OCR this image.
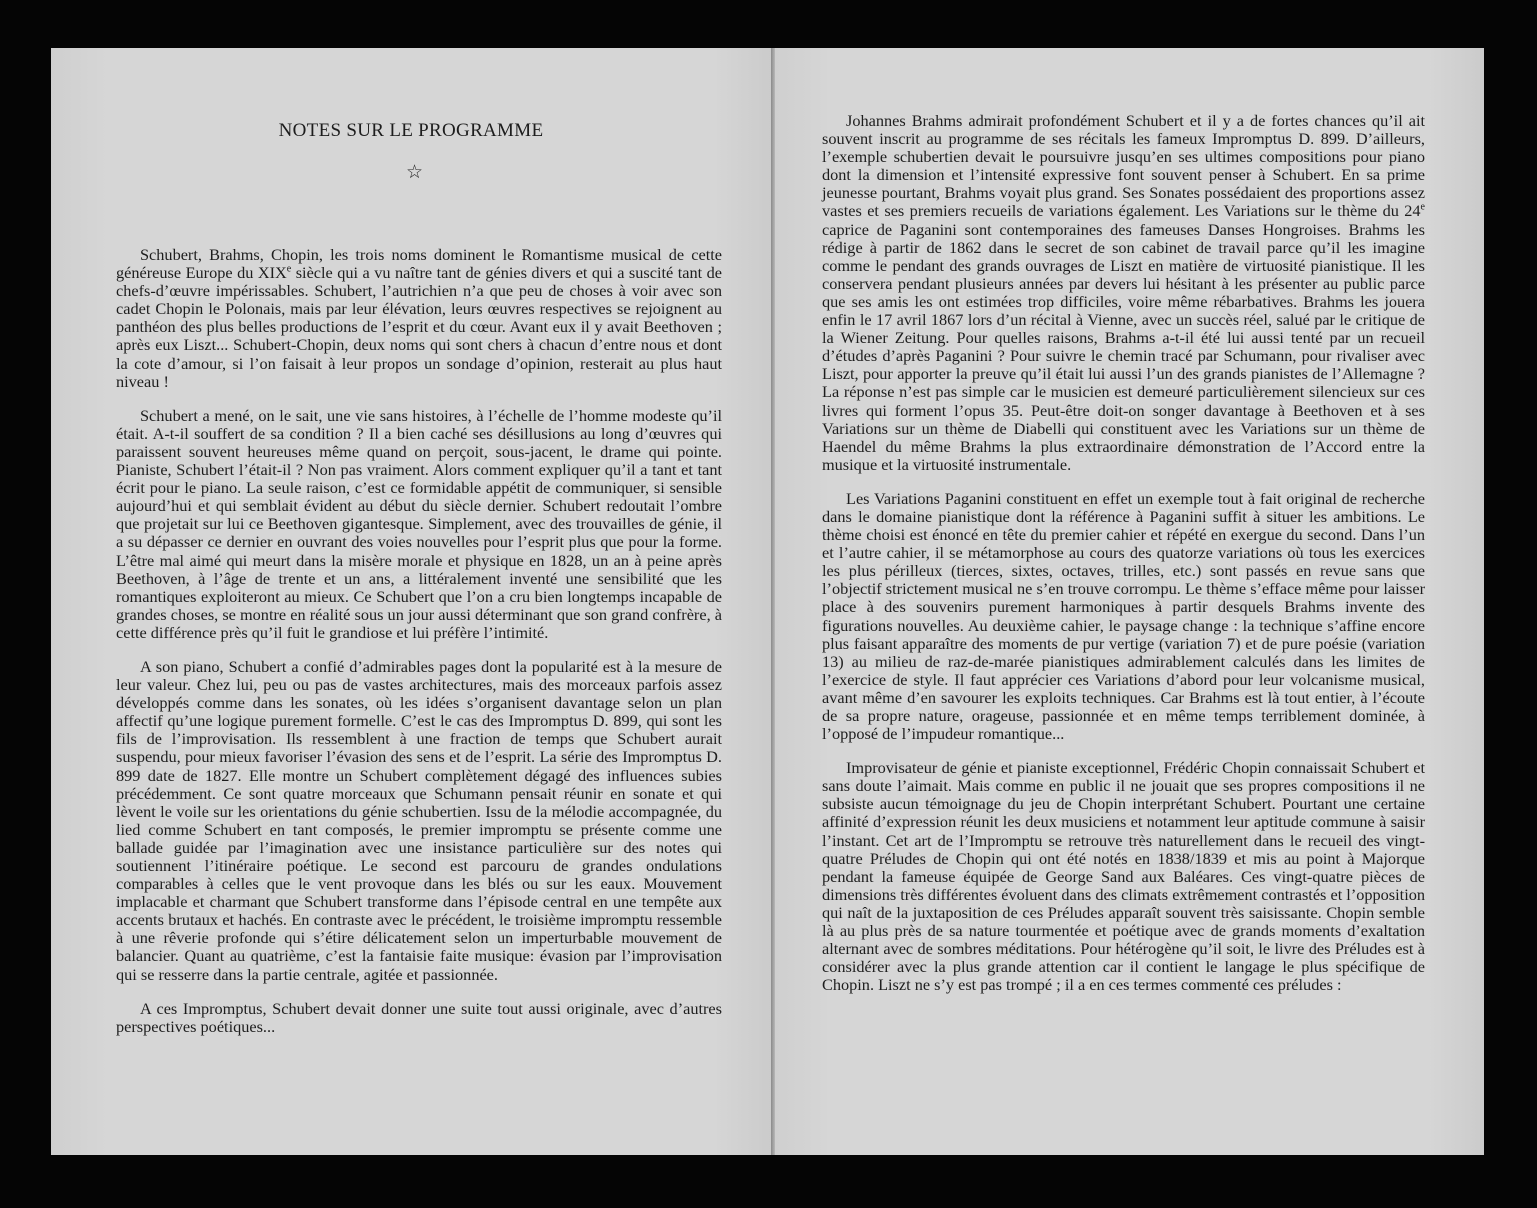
NOTES SUR LE PROGRAMME
☆

Schubert, Brahms, Chopin, les trois noms dominent le Romantisme musical de cette généreuse Europe du XIXe siècle qui a vu naître tant de génies divers et qui a suscité tant de chefs-d’œuvre impérissables. Schubert, l’autrichien n’a que peu de choses à voir avec son cadet Chopin le Polonais, mais par leur élévation, leurs œuvres respectives se rejoignent au panthéon des plus belles productions de l’esprit et du cœur. Avant eux il y avait Beethoven ; après eux Liszt... Schubert-Chopin, deux noms qui sont chers à chacun d’entre nous et dont la cote d’amour, si l’on faisait à leur propos un sondage d’opinion, resterait au plus haut niveau !

Schubert a mené, on le sait, une vie sans histoires, à l’échelle de l’homme modeste qu’il était. A-t-il souffert de sa condition ? Il a bien caché ses désillusions au long d’œuvres qui paraissent souvent heureuses même quand on perçoit, sous-jacent, le drame qui pointe. Pianiste, Schubert l’était-il ? Non pas vraiment. Alors comment expliquer qu’il a tant et tant écrit pour le piano. La seule raison, c’est ce formidable appétit de communiquer, si sensible aujourd’hui et qui semblait évident au début du siècle dernier. Schubert redoutait l’ombre que projetait sur lui ce Beethoven gigantesque. Simplement, avec des trouvailles de génie, il a su dépasser ce dernier en ouvrant des voies nouvelles pour l’esprit plus que pour la forme. L’être mal aimé qui meurt dans la misère morale et physique en 1828, un an à peine après Beethoven, à l’âge de trente et un ans, a littéralement inventé une sensibilité que les romantiques exploiteront au mieux. Ce Schubert que l’on a cru bien longtemps incapable de grandes choses, se montre en réalité sous un jour aussi déterminant que son grand confrère, à cette différence près qu’il fuit le grandiose et lui préfère l’intimité.

A son piano, Schubert a confié d’admirables pages dont la popularité est à la mesure de leur valeur. Chez lui, peu ou pas de vastes architectures, mais des morceaux parfois assez développés comme dans les sonates, où les idées s’organisent davantage selon un plan affectif qu’une logique purement formelle. C’est le cas des Impromptus D. 899, qui sont les fils de l’improvisation. Ils ressemblent à une fraction de temps que Schubert aurait suspendu, pour mieux favoriser l’évasion des sens et de l’esprit. La série des Impromptus D. 899 date de 1827. Elle montre un Schubert complètement dégagé des influences subies précédemment. Ce sont quatre morceaux que Schumann pensait réunir en sonate et qui lèvent le voile sur les orientations du génie schubertien. Issu de la mélodie accompagnée, du lied comme Schubert en tant composés, le premier impromptu se présente comme une ballade guidée par l’imagination avec une insistance particulière sur des notes qui soutiennent l’itinéraire poétique. Le second est parcouru de grandes ondulations comparables à celles que le vent provoque dans les blés ou sur les eaux. Mouvement implacable et charmant que Schubert transforme dans l’épisode central en une tempête aux accents brutaux et hachés. En contraste avec le précédent, le troisième impromptu ressemble à une rêverie profonde qui s’étire délicatement selon un imperturbable mouvement de balancier. Quant au quatrième, c’est la fantaisie faite musique: évasion par l’improvisation qui se resserre dans la partie centrale, agitée et passionnée.

A ces Impromptus, Schubert devait donner une suite tout aussi originale, avec d’autres perspectives poétiques...

Johannes Brahms admirait profondément Schubert et il y a de fortes chances qu’il ait souvent inscrit au programme de ses récitals les fameux Impromptus D. 899. D’ailleurs, l’exemple schubertien devait le poursuivre jusqu’en ses ultimes compositions pour piano dont la dimension et l’intensité expressive font souvent penser à Schubert. En sa prime jeunesse pourtant, Brahms voyait plus grand. Ses Sonates possédaient des proportions assez vastes et ses premiers recueils de variations également. Les Variations sur le thème du 24e caprice de Paganini sont contemporaines des fameuses Danses Hongroises. Brahms les rédige à partir de 1862 dans le secret de son cabinet de travail parce qu’il les imagine comme le pendant des grands ouvrages de Liszt en matière de virtuosité pianistique. Il les conservera pendant plusieurs années par devers lui hésitant à les présenter au public parce que ses amis les ont estimées trop difficiles, voire même rébarbatives. Brahms les jouera enfin le 17 avril 1867 lors d’un récital à Vienne, avec un succès réel, salué par le critique de la Wiener Zeitung. Pour quelles raisons, Brahms a-t-il été lui aussi tenté par un recueil d’études d’après Paganini ? Pour suivre le chemin tracé par Schumann, pour rivaliser avec Liszt, pour apporter la preuve qu’il était lui aussi l’un des grands pianistes de l’Allemagne ? La réponse n’est pas simple car le musicien est demeuré particulièrement silencieux sur ces livres qui forment l’opus 35. Peut-être doit-on songer davantage à Beethoven et à ses Variations sur un thème de Diabelli qui constituent avec les Variations sur un thème de Haendel du même Brahms la plus extraordinaire démonstration de l’Accord entre la musique et la virtuosité instrumentale.

Les Variations Paganini constituent en effet un exemple tout à fait original de recherche dans le domaine pianistique dont la référence à Paganini suffit à situer les ambitions. Le thème choisi est énoncé en tête du premier cahier et répété en exergue du second. Dans l’un et l’autre cahier, il se métamorphose au cours des quatorze variations où tous les exercices les plus périlleux (tierces, sixtes, octaves, trilles, etc.) sont passés en revue sans que l’objectif strictement musical ne s’en trouve corrompu. Le thème s’efface même pour laisser place à des souvenirs purement harmoniques à partir desquels Brahms invente des figurations nouvelles. Au deuxième cahier, le paysage change : la technique s’affine encore plus faisant apparaître des moments de pur vertige (variation 7) et de pure poésie (variation 13) au milieu de raz-de-marée pianistiques admirablement calculés dans les limites de l’exercice de style. Il faut apprécier ces Variations d’abord pour leur volcanisme musical, avant même d’en savourer les exploits techniques. Car Brahms est là tout entier, à l’écoute de sa propre nature, orageuse, passionnée et en même temps terriblement dominée, à l’opposé de l’impudeur romantique...

Improvisateur de génie et pianiste exceptionnel, Frédéric Chopin connaissait Schubert et sans doute l’aimait. Mais comme en public il ne jouait que ses propres compositions il ne subsiste aucun témoignage du jeu de Chopin interprétant Schubert. Pourtant une certaine affinité d’expression réunit les deux musiciens et notamment leur aptitude commune à saisir l’instant. Cet art de l’Impromptu se retrouve très naturellement dans le recueil des vingt-quatre Préludes de Chopin qui ont été notés en 1838/1839 et mis au point à Majorque pendant la fameuse équipée de George Sand aux Baléares. Ces vingt-quatre pièces de dimensions très différentes évoluent dans des climats extrêmement contrastés et l’opposition qui naît de la juxtaposition de ces Préludes apparaît souvent très saisissante. Chopin semble là au plus près de sa nature tourmentée et poétique avec de grands moments d’exaltation alternant avec de sombres méditations. Pour hétérogène qu’il soit, le livre des Préludes est à considérer avec la plus grande attention car il contient le langage le plus spécifique de Chopin. Liszt ne s’y est pas trompé ; il a en ces termes commenté ces préludes :
